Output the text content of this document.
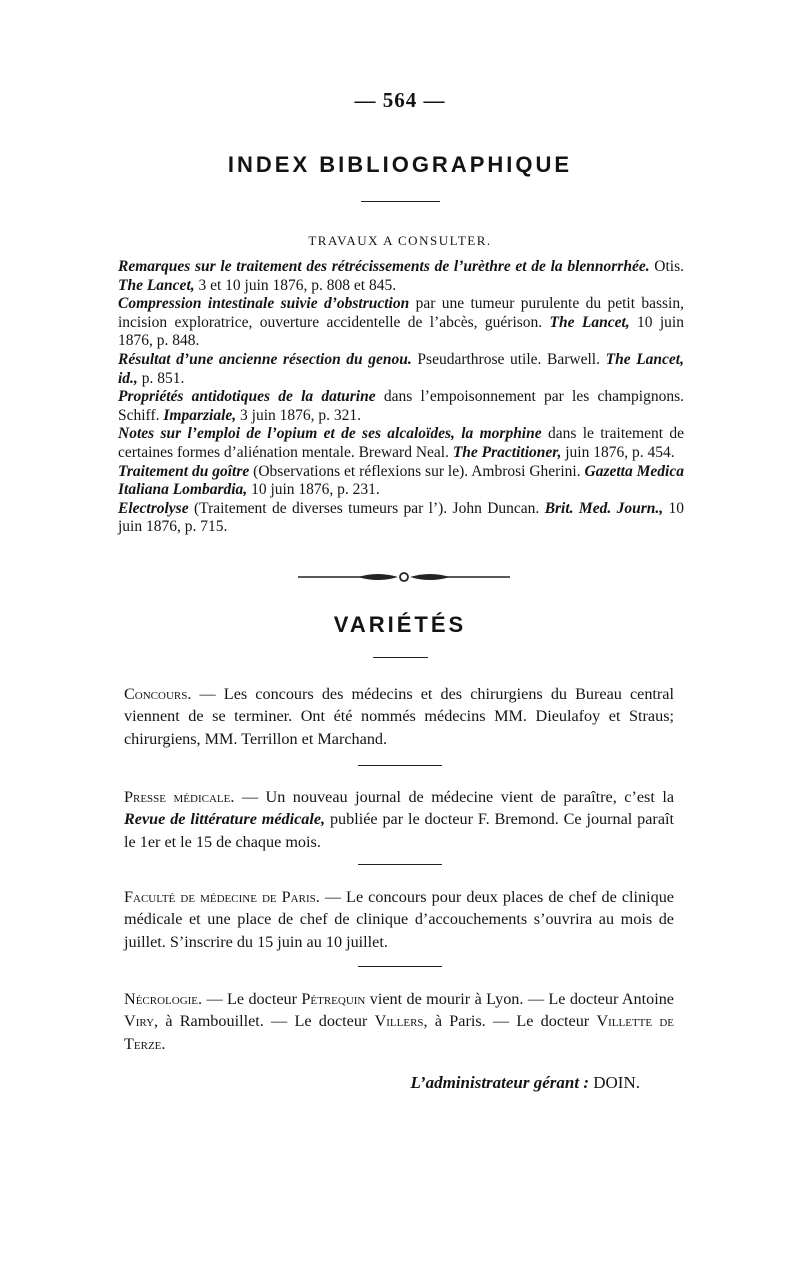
— 564 —
INDEX BIBLIOGRAPHIQUE
TRAVAUX A CONSULTER.

Remarques sur le traitement des rétrécissements de l’urèthre et de la blennorrhée. Otis. The Lancet, 3 et 10 juin 1876, p. 808 et 845.

Compression intestinale suivie d’obstruction par une tumeur purulente du petit bassin, incision exploratrice, ouverture accidentelle de l’abcès, guérison. The Lancet, 10 juin 1876, p. 848.

Résultat d’une ancienne résection du genou. Pseudarthrose utile. Barwell. The Lancet, id., p. 851.

Propriétés antidotiques de la daturine dans l’empoisonnement par les champignons. Schiff. Imparziale, 3 juin 1876, p. 321.

Notes sur l’emploi de l’opium et de ses alcaloïdes, la morphine dans le traitement de certaines formes d’aliénation mentale. Breward Neal. The Practitioner, juin 1876, p. 454.

Traitement du goître (Observations et réflexions sur le). Ambrosi Gherini. Gazetta Medica Italiana Lombardia, 10 juin 1876, p. 231.

Electrolyse (Traitement de diverses tumeurs par l’). John Duncan. Brit. Med. Journ., 10 juin 1876, p. 715.

VARIÉTÉS
Concours. — Les concours des médecins et des chirurgiens du Bureau central viennent de se terminer. Ont été nommés médecins MM. Dieulafoy et Straus; chirurgiens, MM. Terrillon et Marchand.
Presse médicale. — Un nouveau journal de médecine vient de paraître, c’est la Revue de littérature médicale, publiée par le docteur F. Bremond. Ce journal paraît le 1er et le 15 de chaque mois.
Faculté de médecine de Paris. — Le concours pour deux places de chef de clinique médicale et une place de chef de clinique d’accouchements s’ouvrira au mois de juillet. S’inscrire du 15 juin au 10 juillet.
Nécrologie. — Le docteur Pétrequin vient de mourir à Lyon. — Le docteur Antoine Viry, à Rambouillet. — Le docteur Villers, à Paris. — Le docteur Villette de Terze.
L’administrateur gérant : DOIN.
